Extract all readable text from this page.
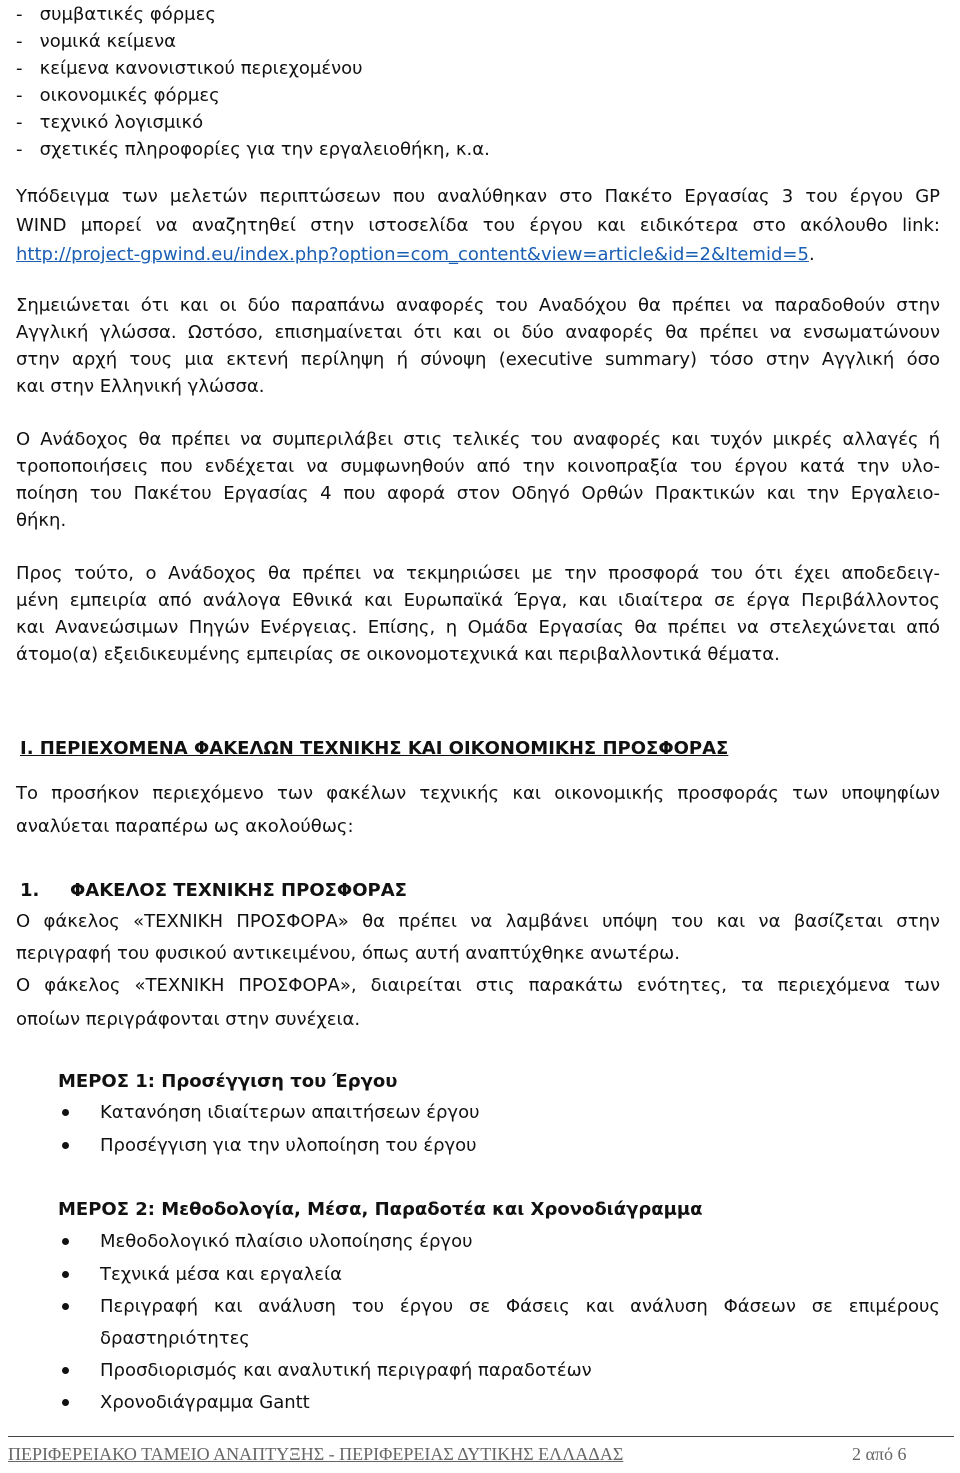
-   συμβατικές φόρμες
-   νομικά κείμενα
-   κείμενα κανονιστικού περιεχομένου
-   οικονομικές φόρμες
-   τεχνικό λογισμικό
-   σχετικές πληροφορίες για την εργαλειοθήκη, κ.α.
Υπόδειγμα των μελετών περιπτώσεων που αναλύθηκαν στο Πακέτο Εργασίας 3 του έργου GP
WIND μπορεί να αναζητηθεί στην ιστοσελίδα του έργου και ειδικότερα στο ακόλουθο link:
http://project-gpwind.eu/index.php?option=com_content&view=article&id=2&Itemid=5.
Σημειώνεται ότι και οι δύο παραπάνω αναφορές του Αναδόχου θα πρέπει να παραδοθούν στην
Αγγλική γλώσσα. Ωστόσο, επισημαίνεται ότι και οι δύο αναφορές θα πρέπει να ενσωματώνουν
στην αρχή τους μια εκτενή περίληψη ή σύνοψη (executive summary) τόσο στην Αγγλική όσο
και στην Ελληνική γλώσσα.
Ο Ανάδοχος θα πρέπει να συμπεριλάβει στις τελικές του αναφορές και τυχόν μικρές αλλαγές ή
τροποποιήσεις που ενδέχεται να συμφωνηθούν από την κοινοπραξία του έργου κατά την υλο-
ποίηση του Πακέτου Εργασίας 4 που αφορά στον Οδηγό Ορθών Πρακτικών και την Εργαλειο-
θήκη.
Προς τούτο, ο Ανάδοχος θα πρέπει να τεκμηριώσει με την προσφορά του ότι έχει αποδεδειγ-
μένη εμπειρία από ανάλογα Εθνικά και Ευρωπαϊκά Έργα, και ιδιαίτερα σε έργα Περιβάλλοντος
και Ανανεώσιμων Πηγών Ενέργειας. Επίσης, η Ομάδα Εργασίας θα πρέπει να στελεχώνεται από
άτομο(α) εξειδικευμένης εμπειρίας σε οικονομοτεχνικά και περιβαλλοντικά θέματα.
I. ΠΕΡΙΕΧΟΜΕΝΑ ΦΑΚΕΛΩΝ ΤΕΧΝΙΚΗΣ ΚΑΙ ΟΙΚΟΝΟΜΙΚΗΣ ΠΡΟΣΦΟΡΑΣ
Το προσήκον περιεχόμενο των φακέλων τεχνικής και οικονομικής προσφοράς των υποψηφίων
αναλύεται παραπέρω ως ακολούθως:
1. ΦΑΚΕΛΟΣ ΤΕΧΝΙΚΗΣ ΠΡΟΣΦΟΡΑΣ
Ο φάκελος «ΤΕΧΝΙΚΗ ΠΡΟΣΦΟΡΑ» θα πρέπει να λαμβάνει υπόψη του και να βασίζεται στην
περιγραφή του φυσικού αντικειμένου, όπως αυτή αναπτύχθηκε ανωτέρω.
Ο φάκελος «ΤΕΧΝΙΚΗ ΠΡΟΣΦΟΡΑ», διαιρείται στις παρακάτω ενότητες, τα περιεχόμενα των
οποίων περιγράφονται στην συνέχεια.
ΜΕΡΟΣ 1: Προσέγγιση του Έργου
Κατανόηση ιδιαίτερων απαιτήσεων έργου
Προσέγγιση για την υλοποίηση του έργου
ΜΕΡΟΣ 2: Μεθοδολογία, Μέσα, Παραδοτέα και Χρονοδιάγραμμα
Μεθοδολογικό πλαίσιο υλοποίησης έργου
Τεχνικά μέσα και εργαλεία
Περιγραφή και ανάλυση του έργου σε Φάσεις και ανάλυση Φάσεων σε επιμέρους
δραστηριότητες
Προσδιορισμός και αναλυτική περιγραφή παραδοτέων
Χρονοδιάγραμμα Gantt
ΠΕΡΙΦΕΡΕΙΑΚΟ ΤΑΜΕΙΟ ΑΝΑΠΤΥΞΗΣ - ΠΕΡΙΦΕΡΕΙΑΣ ΔΥΤΙΚΗΣ ΕΛΛΑΔΑΣ	2 από 6
